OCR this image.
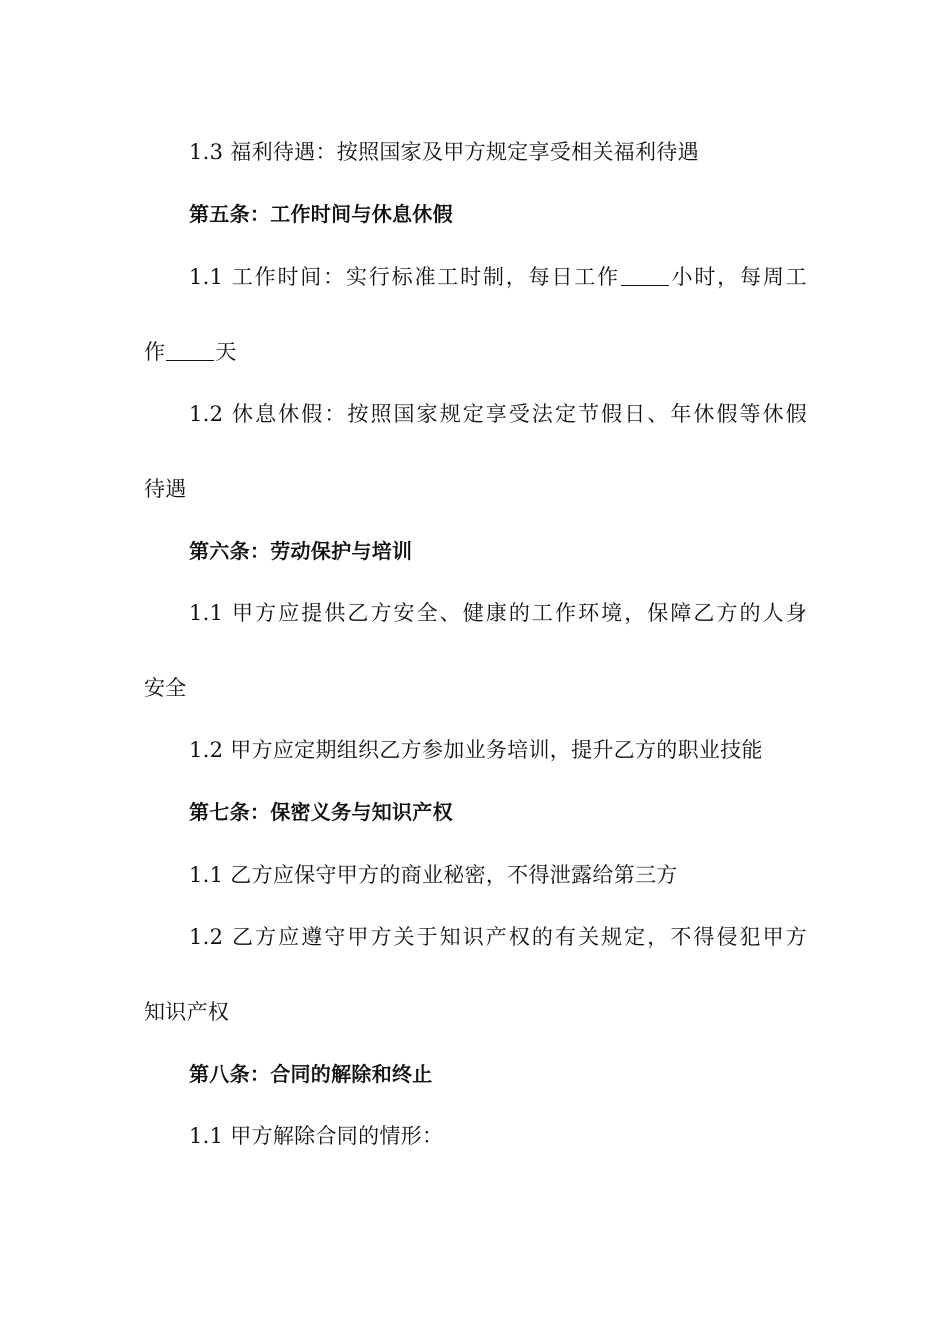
1.3 福利待遇：按照国家及甲方规定享受相关福利待遇
第五条：工作时间与休息休假
1.1 工作时间：实行标准工时制，每日工作 小时，每周工
作 天
1.2 休息休假：按照国家规定享受法定节假日、年休假等休假
待遇
第六条：劳动保护与培训
1.1 甲方应提供乙方安全、健康的工作环境，保障乙方的人身
安全
1.2 甲方应定期组织乙方参加业务培训，提升乙方的职业技能
第七条：保密义务与知识产权
1.1 乙方应保守甲方的商业秘密，不得泄露给第三方
1.2 乙方应遵守甲方关于知识产权的有关规定，不得侵犯甲方
知识产权
第八条：合同的解除和终止
1.1 甲方解除合同的情形：
